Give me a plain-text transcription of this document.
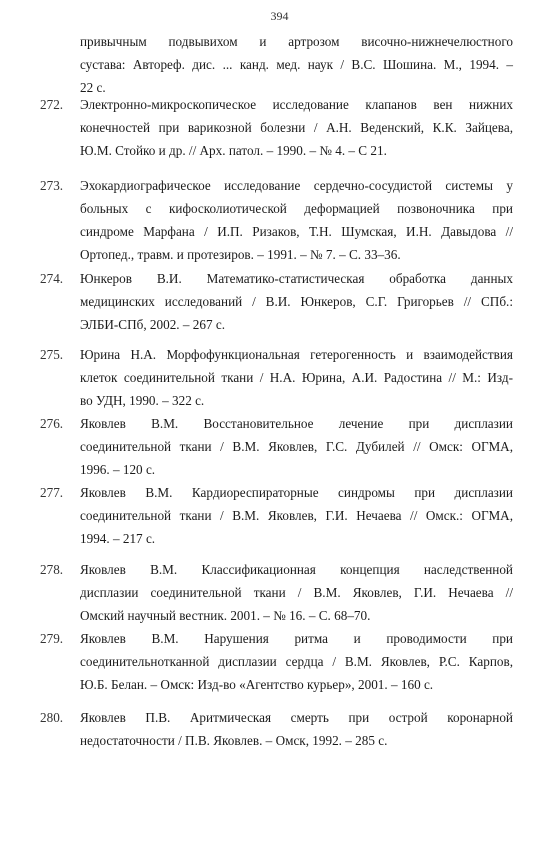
394
привычным подвывихом и артрозом височно-нижнечелюстного
сустава: Автореф. дис. ... канд. мед. наук / В.С. Шошина. М., 1994. –
22 с.
272.	Электронно-микроскопическое исследование клапанов вен нижних
конечностей при варикозной болезни / А.Н. Веденский, К.К. Зайцева,
Ю.М. Стойко и др. // Арх. патол. – 1990. – № 4. – С 21.
273.	Эхокардиографическое исследование сердечно-сосудистой системы у
больных с кифосколиотической деформацией позвоночника при
синдроме Марфана / И.П. Ризаков, Т.Н. Шумская, И.Н. Давыдова //
Ортопед., травм. и протезиров. – 1991. – № 7. – С. 33–36.
274.	Юнкеров В.И. Математико-статистическая обработка данных
медицинских исследований / В.И. Юнкеров, С.Г. Григорьев // СПб.:
ЭЛБИ-СПб, 2002. – 267 с.
275.	Юрина Н.А. Морфофункциональная гетерогенность и взаимодействия
клеток соединительной ткани / Н.А. Юрина, А.И. Радостина // М.: Изд-
во УДН, 1990. – 322 с.
276.	Яковлев В.М. Восстановительное лечение при дисплазии
соединительной ткани / В.М. Яковлев, Г.С. Дубилей // Омск: ОГМА,
1996. – 120 с.
277.	Яковлев В.М. Кардиореспираторные синдромы при дисплазии
соединительной ткани / В.М. Яковлев, Г.И. Нечаева // Омск.: ОГМА,
1994. – 217 с.
278.	Яковлев В.М. Классификационная концепция наследственной
дисплазии соединительной ткани / В.М. Яковлев, Г.И. Нечаева //
Омский научный вестник. 2001. – № 16. – С. 68–70.
279.	Яковлев В.М. Нарушения ритма и проводимости при
соединительнотканной дисплазии сердца / В.М. Яковлев, Р.С. Карпов,
Ю.Б. Белан. – Омск: Изд-во «Агентство курьер», 2001. – 160 с.
280.	Яковлев П.В. Аритмическая смерть при острой коронарной
недостаточности / П.В. Яковлев. – Омск, 1992. – 285 с.
